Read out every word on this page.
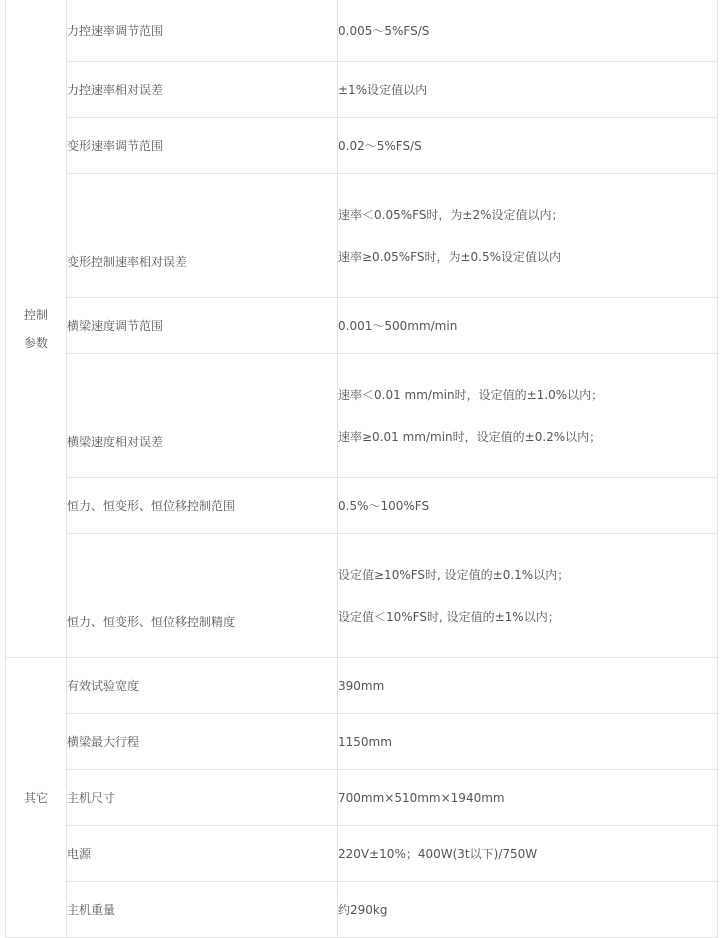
控制
参数	力控速率调节范围	0.005～5%FS/S
	力控速率相对误差	±1%设定值以内
	变形速率调节范围	0.02～5%FS/S
	变形控制速率相对误差	速率＜0.05%FS时，为±2%设定值以内；
速率≥0.05%FS时，为±0.5%设定值以内

	横梁速度调节范围	0.001～500mm/min
	横梁速度相对误差	速率＜0.01 mm/min时，设定值的±1.0%以内；
速率≥0.01 mm/min时，设定值的±0.2%以内；

	恒力、恒变形、恒位移控制范围	0.5%～100%FS
	恒力、恒变形、恒位移控制精度	设定值≥10%FS时, 设定值的±0.1%以内；
设定值＜10%FS时, 设定值的±1%以内；

其它	有效试验宽度	390mm
	横梁最大行程	1150mm
	主机尺寸	700mm×510mm×1940mm
	电源	220V±10%；400W(3t以下)/750W
	主机重量	约290kg
